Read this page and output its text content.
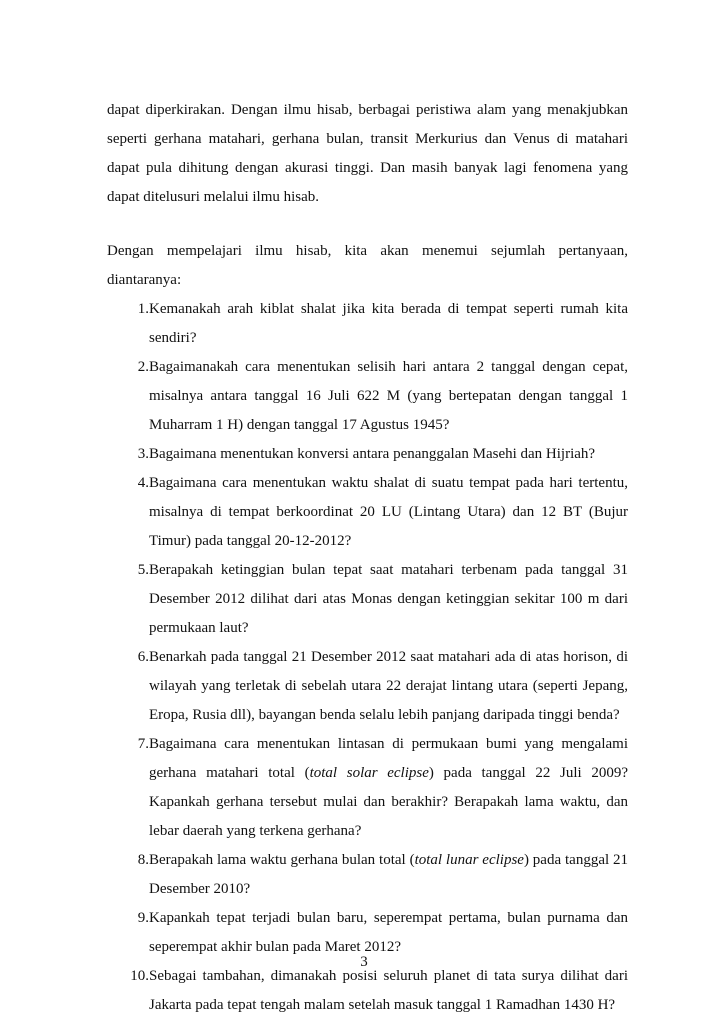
dapat diperkirakan. Dengan ilmu hisab, berbagai peristiwa alam yang menakjubkan seperti gerhana matahari, gerhana bulan, transit Merkurius dan Venus di matahari dapat pula dihitung dengan akurasi tinggi. Dan masih banyak lagi fenomena yang dapat ditelusuri melalui ilmu hisab.

Dengan mempelajari ilmu hisab, kita akan menemui sejumlah pertanyaan, diantaranya:

1. Kemanakah arah kiblat shalat jika kita berada di tempat seperti rumah kita sendiri?
2. Bagaimanakah cara menentukan selisih hari antara 2 tanggal dengan cepat, misalnya antara tanggal 16 Juli 622 M (yang bertepatan dengan tanggal 1 Muharram 1 H) dengan tanggal 17 Agustus 1945?
3. Bagaimana menentukan konversi antara penanggalan Masehi dan Hijriah?
4. Bagaimana cara menentukan waktu shalat di suatu tempat pada hari tertentu, misalnya di tempat berkoordinat 20 LU (Lintang Utara) dan 12 BT (Bujur Timur) pada tanggal 20-12-2012?
5. Berapakah ketinggian bulan tepat saat matahari terbenam pada tanggal 31 Desember 2012 dilihat dari atas Monas dengan ketinggian sekitar 100 m dari permukaan laut?
6. Benarkah pada tanggal 21 Desember 2012 saat matahari ada di atas horison, di wilayah yang terletak di sebelah utara 22 derajat lintang utara (seperti Jepang, Eropa, Rusia dll), bayangan benda selalu lebih panjang daripada tinggi benda?
7. Bagaimana cara menentukan lintasan di permukaan bumi yang mengalami gerhana matahari total (total solar eclipse) pada tanggal 22 Juli 2009? Kapankah gerhana tersebut mulai dan berakhir? Berapakah lama waktu, dan lebar daerah yang terkena gerhana?
8. Berapakah lama waktu gerhana bulan total (total lunar eclipse) pada tanggal 21 Desember 2010?
9. Kapankah tepat terjadi bulan baru, seperempat pertama, bulan purnama dan seperempat akhir bulan pada Maret 2012?
10. Sebagai tambahan, dimanakah posisi seluruh planet di tata surya dilihat dari Jakarta pada tepat tengah malam setelah masuk tanggal 1 Ramadhan 1430 H?
3
